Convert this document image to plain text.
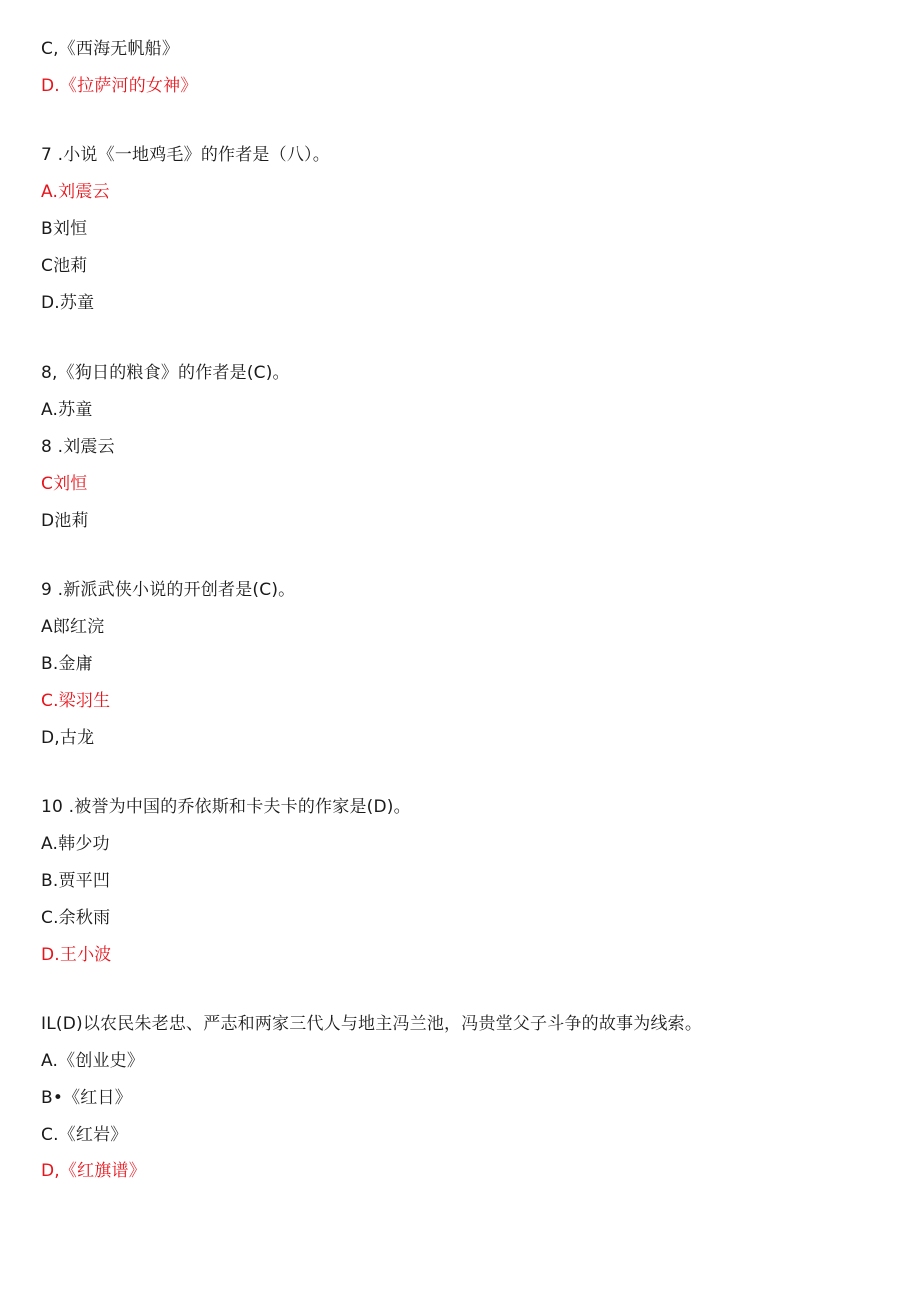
C,《西海无帆船》
D.《拉萨河的女神》
7 .小说《一地鸡毛》的作者是（八）。
A.刘震云
B刘恒
C池莉
D.苏童
8,《狗日的粮食》的作者是(C)。
A.苏童
8 .刘震云
C刘恒
D池莉
9 .新派武侠小说的开创者是(C)。
A郎红浣
B.金庸
C.梁羽生
D,古龙
10 .被誉为中国的乔依斯和卡夫卡的作家是(D)。
A.韩少功
B.贾平凹
C.余秋雨
D.王小波
IL(D)以农民朱老忠、严志和两家三代人与地主冯兰池，冯贵堂父子斗争的故事为线索。
A.《创业史》
B•《红日》
C.《红岩》
D,《红旗谱》
